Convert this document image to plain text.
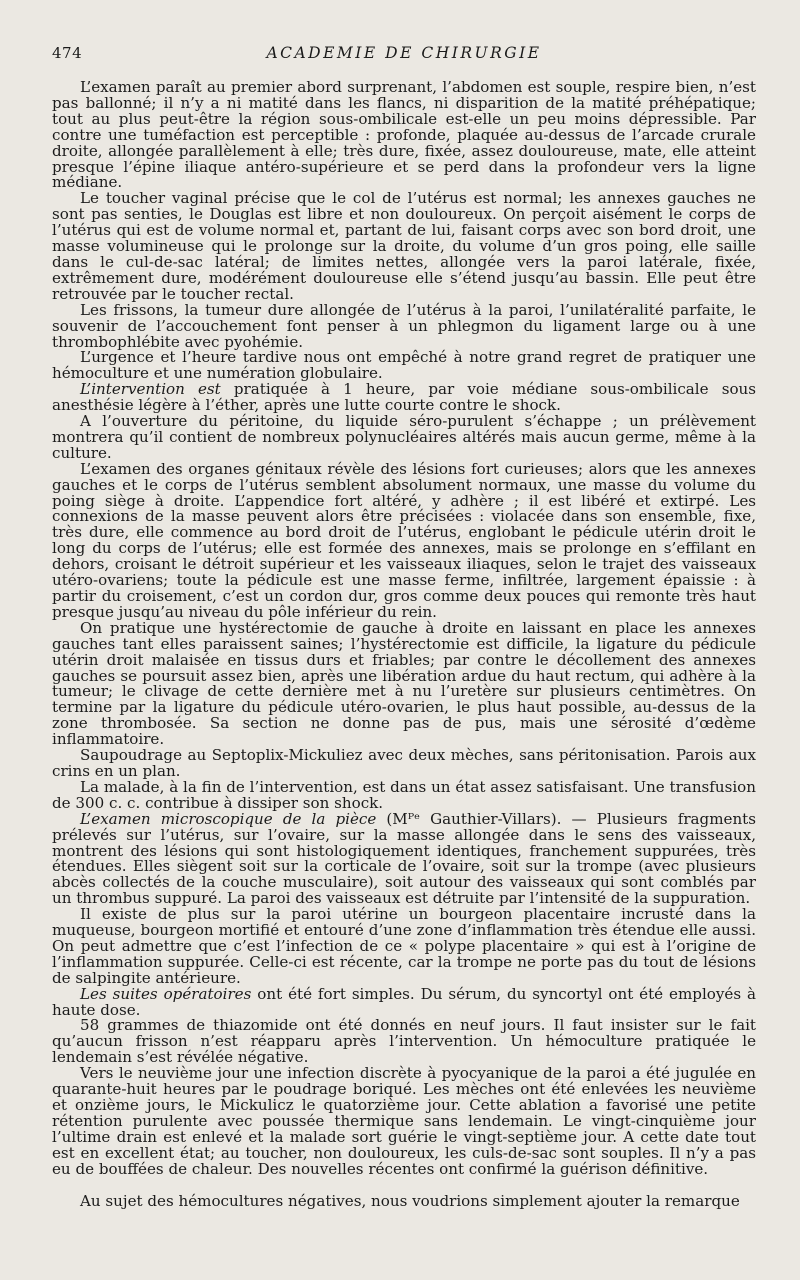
474	ACADEMIE DE CHIRURGIE

L’examen paraît au premier abord surprenant, l’abdomen est souple, respire bien, n’est pas ballonné; il n’y a ni matité dans les flancs, ni disparition de la matité préhépatique; tout au plus peut-être la région sous-ombilicale est-elle un peu moins dépressible. Par contre une tuméfaction est perceptible : profonde, plaquée au-dessus de l’arcade crurale droite, allongée parallèlement à elle; très dure, fixée, assez douloureuse, mate, elle atteint presque l’épine iliaque antéro-supérieure et se perd dans la profondeur vers la ligne médiane.

Le toucher vaginal précise que le col de l’utérus est normal; les annexes gauches ne sont pas senties, le Douglas est libre et non douloureux. On perçoit aisément le corps de l’utérus qui est de volume normal et, partant de lui, faisant corps avec son bord droit, une masse volumineuse qui le prolonge sur la droite, du volume d’un gros poing, elle saille dans le cul-de-sac latéral; de limites nettes, allongée vers la paroi latérale, fixée, extrêmement dure, modérément douloureuse elle s’étend jusqu’au bassin. Elle peut être retrouvée par le toucher rectal.

Les frissons, la tumeur dure allongée de l’utérus à la paroi, l’unilatéralité parfaite, le souvenir de l’accouchement font penser à un phlegmon du ligament large ou à une thrombophlébite avec pyohémie.

L’urgence et l’heure tardive nous ont empêché à notre grand regret de pratiquer une hémoculture et une numération globulaire.

L’intervention est pratiquée à 1 heure, par voie médiane sous-ombilicale sous anesthésie légère à l’éther, après une lutte courte contre le shock.

A l’ouverture du péritoine, du liquide séro-purulent s’échappe ; un prélèvement montrera qu’il contient de nombreux polynucléaires altérés mais aucun germe, même à la culture.

L’examen des organes génitaux révèle des lésions fort curieuses; alors que les annexes gauches et le corps de l’utérus semblent absolument normaux, une masse du volume du poing siège à droite. L’appendice fort altéré, y adhère ; il est libéré et extirpé. Les connexions de la masse peuvent alors être précisées : violacée dans son ensemble, fixe, très dure, elle commence au bord droit de l’utérus, englobant le pédicule utérin droit le long du corps de l’utérus; elle est formée des annexes, mais se prolonge en s’effilant en dehors, croisant le détroit supérieur et les vaisseaux iliaques, selon le trajet des vaisseaux utéro-ovariens; toute la pédicule est une masse ferme, infiltrée, largement épaissie : à partir du croisement, c’est un cordon dur, gros comme deux pouces qui remonte très haut presque jusqu’au niveau du pôle inférieur du rein.

On pratique une hystérectomie de gauche à droite en laissant en place les annexes gauches tant elles paraissent saines; l’hystérectomie est difficile, la ligature du pédicule utérin droit malaisée en tissus durs et friables; par contre le décollement des annexes gauches se poursuit assez bien, après une libération ardue du haut rectum, qui adhère à la tumeur; le clivage de cette dernière met à nu l’uretère sur plusieurs centimètres. On termine par la ligature du pédicule utéro-ovarien, le plus haut possible, au-dessus de la zone thrombosée. Sa section ne donne pas de pus, mais une sérosité d’œdème inflammatoire.

Saupoudrage au Septoplix-Mickuliez avec deux mèches, sans péritonisation. Parois aux crins en un plan.

La malade, à la fin de l’intervention, est dans un état assez satisfaisant. Une transfusion de 300 c. c. contribue à dissiper son shock.

L’examen microscopique de la pièce (Mᴾᵉ Gauthier-Villars). — Plusieurs fragments prélevés sur l’utérus, sur l’ovaire, sur la masse allongée dans le sens des vaisseaux, montrent des lésions qui sont histologiquement identiques, franchement suppurées, très étendues. Elles siègent soit sur la corticale de l’ovaire, soit sur la trompe (avec plusieurs abcès collectés de la couche musculaire), soit autour des vaisseaux qui sont comblés par un thrombus suppuré. La paroi des vaisseaux est détruite par l’intensité de la suppuration.

Il existe de plus sur la paroi utérine un bourgeon placentaire incrusté dans la muqueuse, bourgeon mortifié et entouré d’une zone d’inflammation très étendue elle aussi. On peut admettre que c’est l’infection de ce « polype placentaire » qui est à l’origine de l’inflammation suppurée. Celle-ci est récente, car la trompe ne porte pas du tout de lésions de salpingite antérieure.

Les suites opératoires ont été fort simples. Du sérum, du syncortyl ont été employés à haute dose.

58 grammes de thiazomide ont été donnés en neuf jours. Il faut insister sur le fait qu’aucun frisson n’est réapparu après l’intervention. Un hémoculture pratiquée le lendemain s’est révélée négative.

Vers le neuvième jour une infection discrète à pyocyanique de la paroi a été jugulée en quarante-huit heures par le poudrage boriqué. Les mèches ont été enlevées les neuvième et onzième jours, le Mickulicz le quatorzième jour. Cette ablation a favorisé une petite rétention purulente avec poussée thermique sans lendemain. Le vingt-cinquième jour l’ultime drain est enlevé et la malade sort guérie le vingt-septième jour. A cette date tout est en excellent état; au toucher, non douloureux, les culs-de-sac sont souples. Il n’y a pas eu de bouffées de chaleur. Des nouvelles récentes ont confirmé la guérison définitive.

Au sujet des hémocultures négatives, nous voudrions simplement ajouter la remarque
